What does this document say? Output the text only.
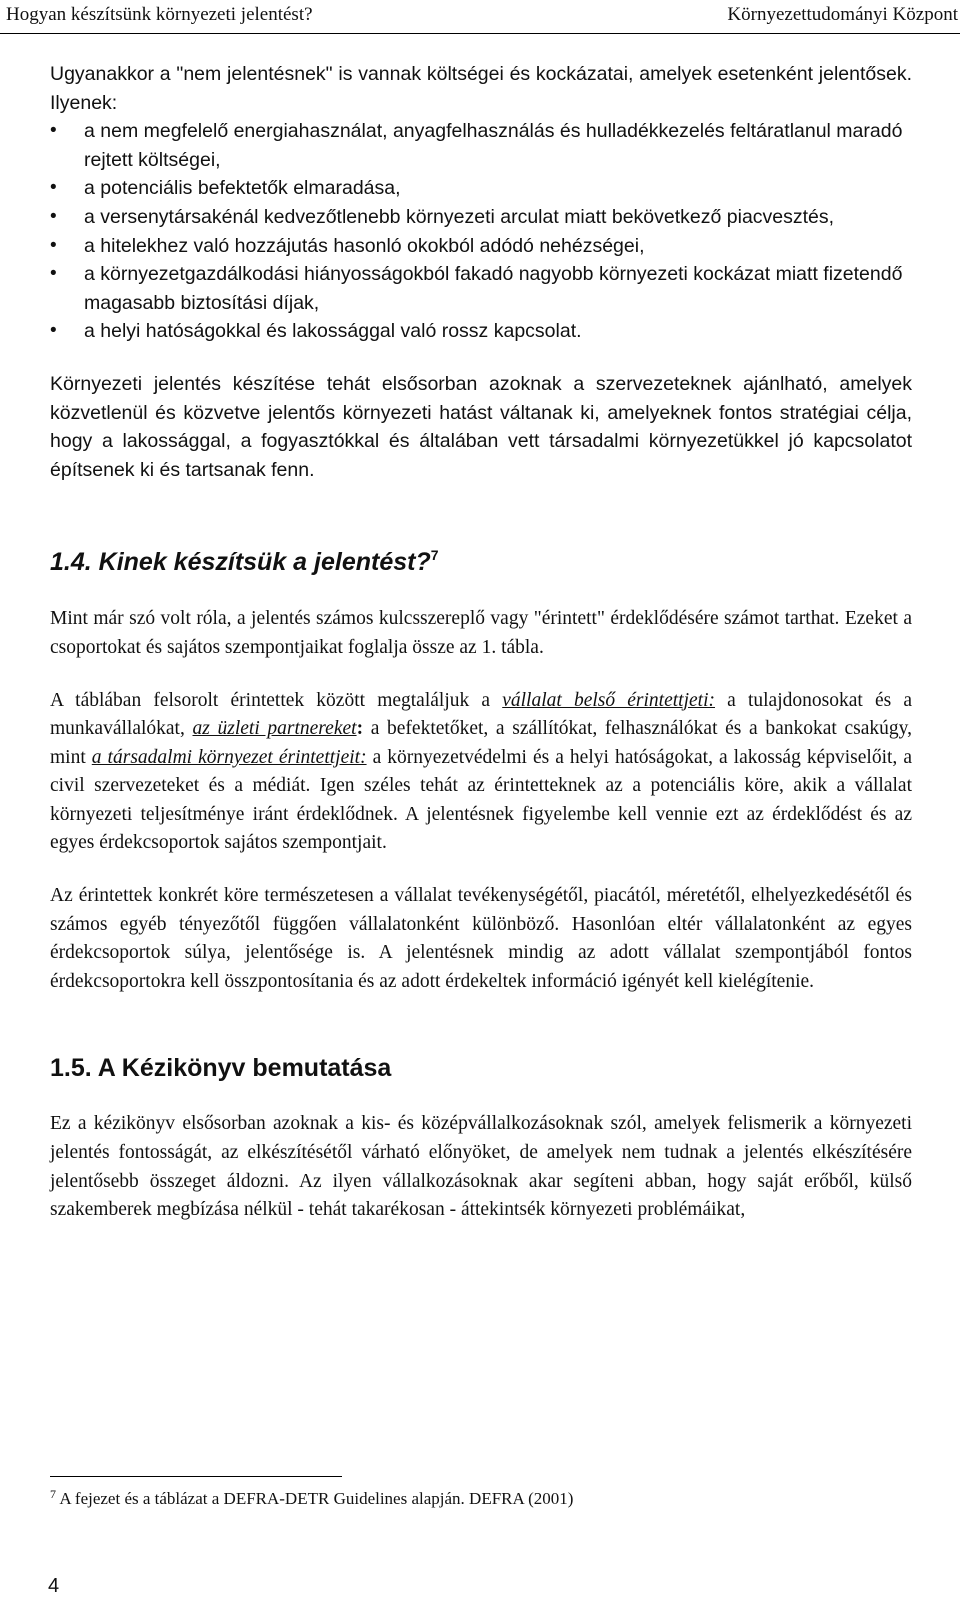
Hogyan készítsünk környezeti jelentést?	Környezettudományi Központ

Ugyanakkor a "nem jelentésnek" is vannak költségei és kockázatai, amelyek esetenként jelentősek. Ilyenek:

• a nem megfelelő energiahasználat, anyagfelhasználás és hulladékkezelés feltáratlanul maradó rejtett költségei,
• a potenciális befektetők elmaradása,
• a versenytársakénál kedvezőtlenebb környezeti arculat miatt bekövetkező piacvesztés,
• a hitelekhez való hozzájutás hasonló okokból adódó nehézségei,
• a környezetgazdálkodási hiányosságokból fakadó nagyobb környezeti kockázat miatt fizetendő magasabb biztosítási díjak,
• a helyi hatóságokkal és lakossággal való rossz kapcsolat.

Környezeti jelentés készítése tehát elsősorban azoknak a szervezeteknek ajánlható, amelyek közvetlenül és közvetve jelentős környezeti hatást váltanak ki, amelyeknek fontos stratégiai célja, hogy a lakossággal, a fogyasztókkal és általában vett társadalmi környezetükkel jó kapcsolatot építsenek ki és tartsanak fenn.

1.4. Kinek készítsük a jelentést?$^7$

Mint már szó volt róla, a jelentés számos kulcsszereplő vagy "érintett" érdeklődésére számot tarthat. Ezeket a csoportokat és sajátos szempontjaikat foglalja össze az 1. tábla.

A táblában felsorolt érintettek között megtaláljuk a vállalat belső érintettjeti: a tulajdonosokat és a munkavállalókat, az üzleti partnereket: a befektetőket, a szállítókat, felhasználókat és a bankokat csakúgy, mint a társadalmi környezet érintettjeit: a környezetvédelmi és a helyi hatóságokat, a lakosság képviselőit, a civil szervezeteket és a médiát. Igen széles tehát az érintetteknek az a potenciális köre, akik a vállalat környezeti teljesítménye iránt érdeklődnek. A jelentésnek figyelembe kell vennie ezt az érdeklődést és az egyes érdekcsoportok sajátos szempontjait.

Az érintettek konkrét köre természetesen a vállalat tevékenységétől, piacától, méretétől, elhelyezkedésétől és számos egyéb tényezőtől függően vállalatonként különböző. Hasonlóan eltér vállalatonként az egyes érdekcsoportok súlya, jelentősége is. A jelentésnek mindig az adott vállalat szempontjából fontos érdekcsoportokra kell összpontosítania és az adott érdekeltek információ igényét kell kielégítenie.

1.5. A Kézikönyv bemutatása

Ez a kézikönyv elsősorban azoknak a kis- és középvállalkozásoknak szól, amelyek felismerik a környezeti jelentés fontosságát, az elkészítésétől várható előnyöket, de amelyek nem tudnak a jelentés elkészítésére jelentősebb összeget áldozni. Az ilyen vállalkozásoknak akar segíteni abban, hogy saját erőből, külső szakemberek megbízása nélkül - tehát takarékosan - áttekintsék környezeti problémáikat,

$^7$ A fejezet és a táblázat a DEFRA-DETR Guidelines alapján. DEFRA (2001)
4
